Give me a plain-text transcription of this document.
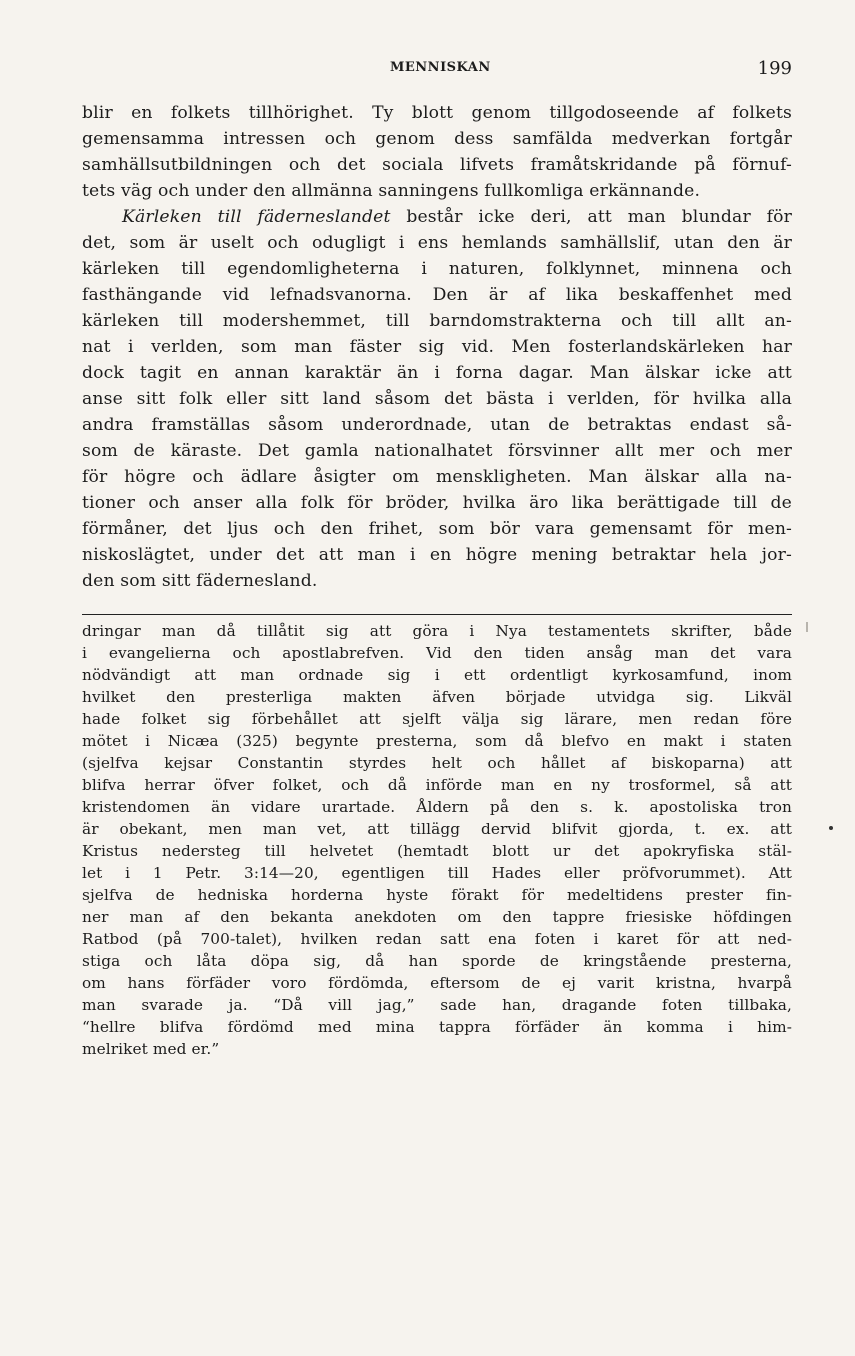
MENNISKAN	199
blir en folkets tillhörighet. Ty blott genom tillgodoseende af folkets
gemensamma intressen och genom dess samfälda medverkan fortgår
samhällsutbildningen och det sociala lifvets framåtskridande på förnuf-
tets väg och under den allmänna sanningens fullkomliga erkännande.
Kärleken till fäderneslandet består icke deri, att man blundar för
det, som är uselt och odugligt i ens hemlands samhällslif, utan den är
kärleken till egendomligheterna i naturen, folklynnet, minnena och
fasthängande vid lefnadsvanorna. Den är af lika beskaffenhet med
kärleken till modershemmet, till barndomstrakterna och till allt an-
nat i verlden, som man fäster sig vid. Men fosterlandskärleken har
dock tagit en annan karaktär än i forna dagar. Man älskar icke att
anse sitt folk eller sitt land såsom det bästa i verlden, för hvilka alla
andra framställas såsom underordnade, utan de betraktas endast så-
som de käraste. Det gamla nationalhatet försvinner allt mer och mer
för högre och ädlare åsigter om menskligheten. Man älskar alla na-
tioner och anser alla folk för bröder, hvilka äro lika berättigade till de
förmåner, det ljus och den frihet, som bör vara gemensamt för men-
niskoslägtet, under det att man i en högre mening betraktar hela jor-
den som sitt fädernesland.
dringar man då tillåtit sig att göra i Nya testamentets skrifter, både
i evangelierna och apostlabrefven. Vid den tiden ansåg man det vara
nödvändigt att man ordnade sig i ett ordentligt kyrkosamfund, inom
hvilket den presterliga makten äfven började utvidga sig. Likväl
hade folket sig förbehållet att sjelft välja sig lärare, men redan före
mötet i Nicæa (325) begynte presterna, som då blefvo en makt i staten
(sjelfva kejsar Constantin styrdes helt och hållet af biskoparna) att
blifva herrar öfver folket, och då införde man en ny trosformel, så att
kristendomen än vidare urartade. Åldern på den s. k. apostoliska tron
är obekant, men man vet, att tillägg dervid blifvit gjorda, t. ex. att
Kristus nedersteg till helvetet (hemtadt blott ur det apokryfiska stäl-
let i 1 Petr. 3:14—20, egentligen till Hades eller pröfvorummet). Att
sjelfva de hedniska horderna hyste förakt för medeltidens prester fin-
ner man af den bekanta anekdoten om den tappre friesiske höfdingen
Ratbod (på 700-talet), hvilken redan satt ena foten i karet för att ned-
stiga och låta döpa sig, då han sporde de kringstående presterna,
om hans förfäder voro fördömda, eftersom de ej varit kristna, hvarpå
man svarade ja. “Då vill jag,” sade han, dragande foten tillbaka,
“hellre blifva fördömd med mina tappra förfäder än komma i him-
melriket med er.”
